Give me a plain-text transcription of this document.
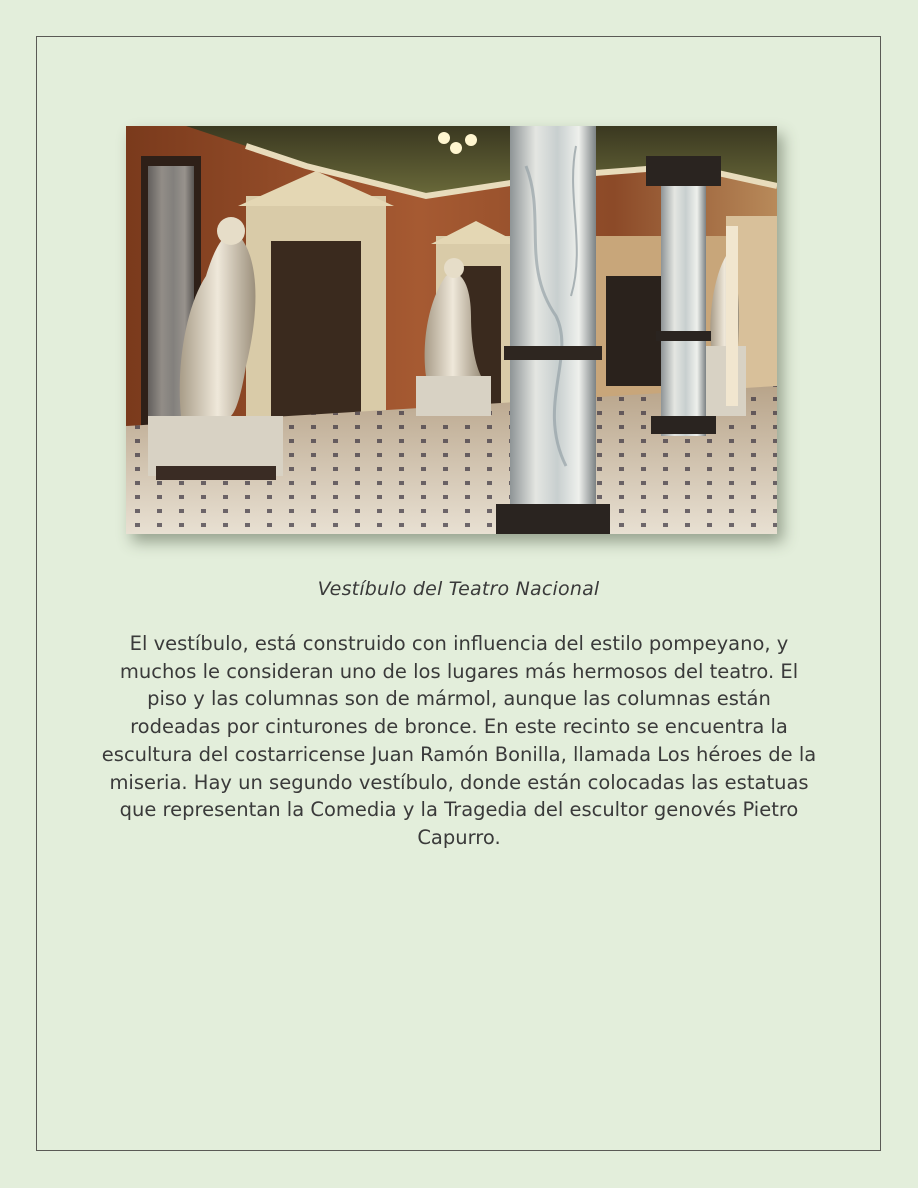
Vestíbulo del Teatro Nacional

El vestíbulo, está construido con influencia del estilo pompeyano, y muchos le consideran uno de los lugares más hermosos del teatro. El piso y las columnas son de mármol, aunque las columnas están rodeadas por cinturones de bronce. En este recinto se encuentra la escultura del costarricense Juan Ramón Bonilla, llamada Los héroes de la miseria. Hay un segundo vestíbulo, donde están colocadas las estatuas que representan la Comedia y la Tragedia del escultor genovés Pietro Capurro.
